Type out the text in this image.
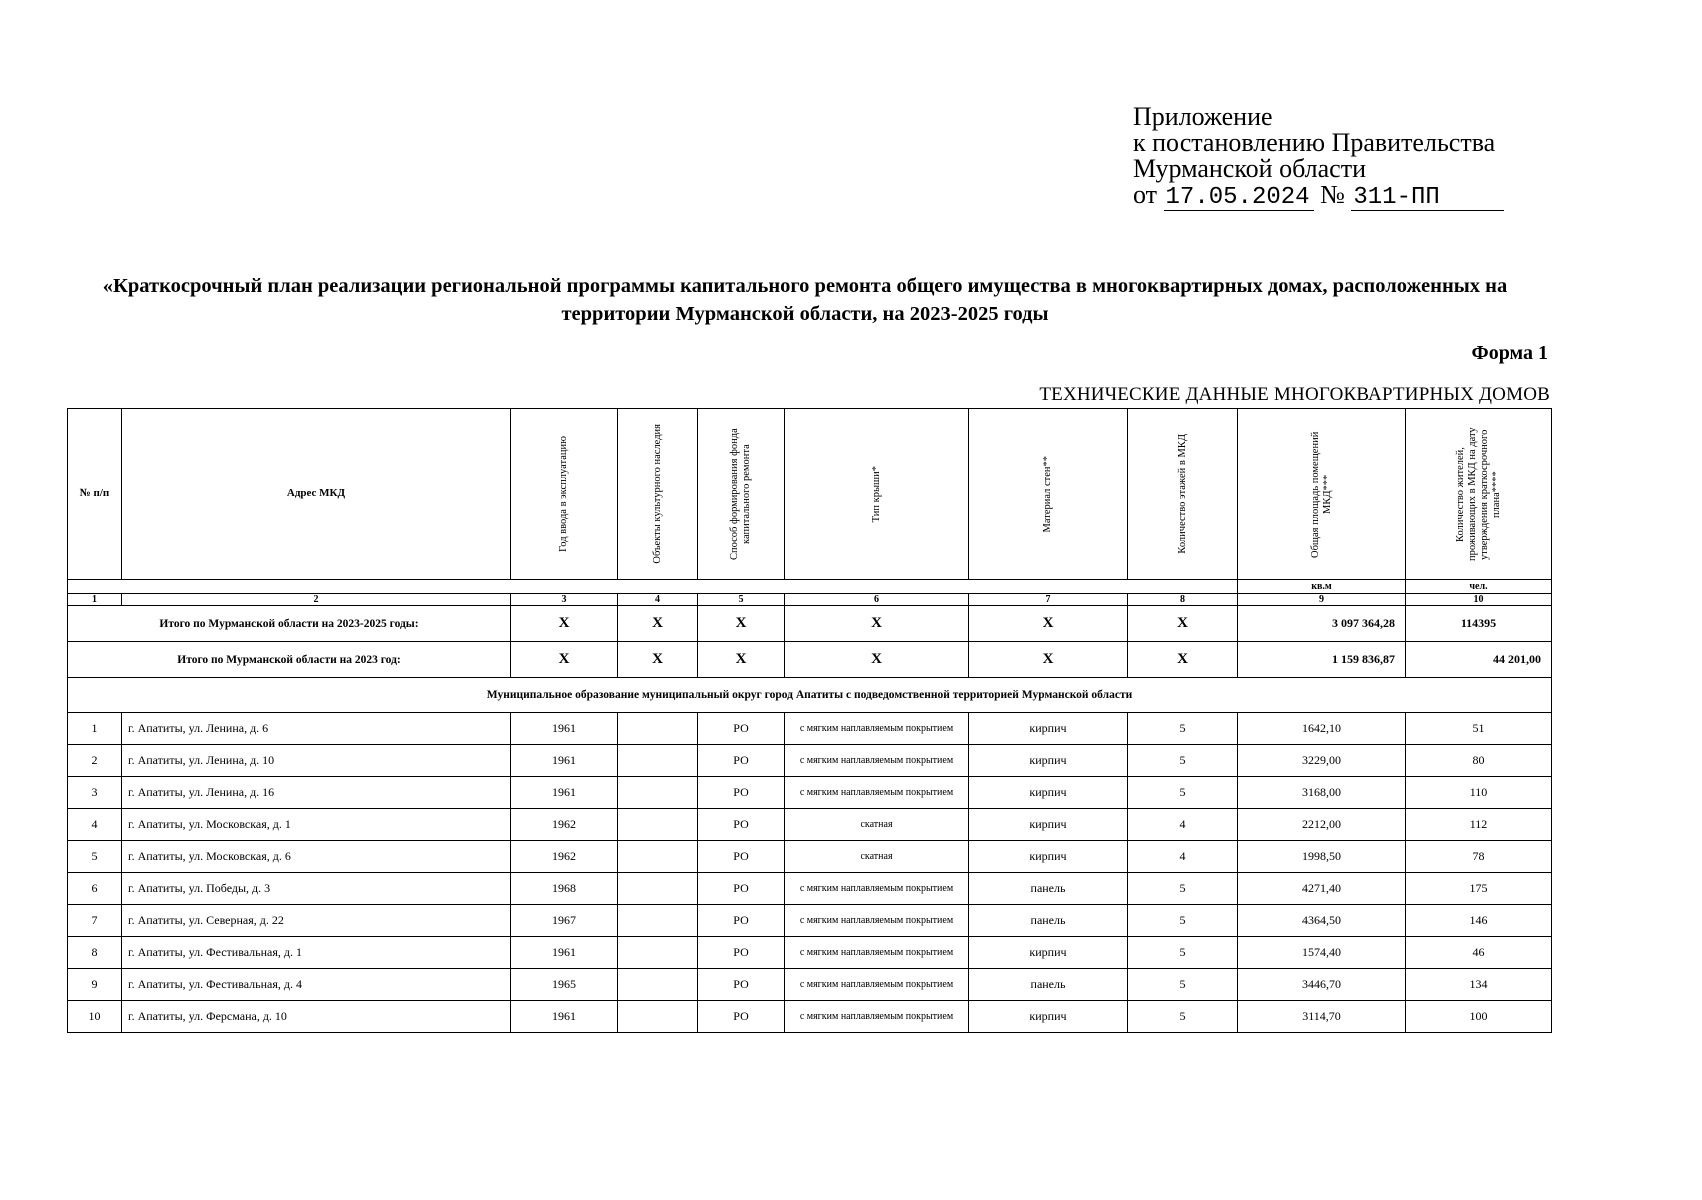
Приложение
к постановлению Правительства
Мурманской области
от 17.05.2024 № 311-ПП
«Краткосрочный план реализации региональной программы капитального ремонта общего имущества в многоквартирных домах, расположенных на
территории Мурманской области, на 2023-2025 годы
Форма 1
ТЕХНИЧЕСКИЕ ДАННЫЕ МНОГОКВАРТИРНЫХ ДОМОВ
№ п/п	Адрес МКД	Год ввода в эксплуатацию	Объекты культурного наследия	Способ формирования фонда капитального ремонта	Тип крыши*	Материал стен**	Количество этажей в МКД	Общая площадь помещений МКД***	Количество жителей, проживающих в МКД на дату утверждения краткосрочного плана****

								кв.м	чел.
1	2	3	4	5	6	7	8	9	10
Итого по Мурманской области на 2023-2025 годы:		X	X	X	X	X	X	3 097 364,28	114395
Итого по Мурманской области на 2023 год:		X	X	X	X	X	X	1 159 836,87	44 201,00
Муниципальное образование муниципальный округ город Апатиты с подведомственной территорией Мурманской области									
1	г. Апатиты, ул. Ленина, д. 6	1961		РО	с мягким наплавляемым покрытием	кирпич	5	1642,10	51
2	г. Апатиты, ул. Ленина, д. 10	1961		РО	с мягким наплавляемым покрытием	кирпич	5	3229,00	80
3	г. Апатиты, ул. Ленина, д. 16	1961		РО	с мягким наплавляемым покрытием	кирпич	5	3168,00	110
4	г. Апатиты, ул. Московская, д. 1	1962		РО	скатная	кирпич	4	2212,00	112
5	г. Апатиты, ул. Московская, д. 6	1962		РО	скатная	кирпич	4	1998,50	78
6	г. Апатиты, ул. Победы, д. 3	1968		РО	с мягким наплавляемым покрытием	панель	5	4271,40	175
7	г. Апатиты, ул. Северная, д. 22	1967		РО	с мягким наплавляемым покрытием	панель	5	4364,50	146
8	г. Апатиты, ул. Фестивальная, д. 1	1961		РО	с мягким наплавляемым покрытием	кирпич	5	1574,40	46
9	г. Апатиты, ул. Фестивальная, д. 4	1965		РО	с мягким наплавляемым покрытием	панель	5	3446,70	134
10	г. Апатиты, ул. Ферсмана, д. 10	1961		РО	с мягким наплавляемым покрытием	кирпич	5	3114,70	100
